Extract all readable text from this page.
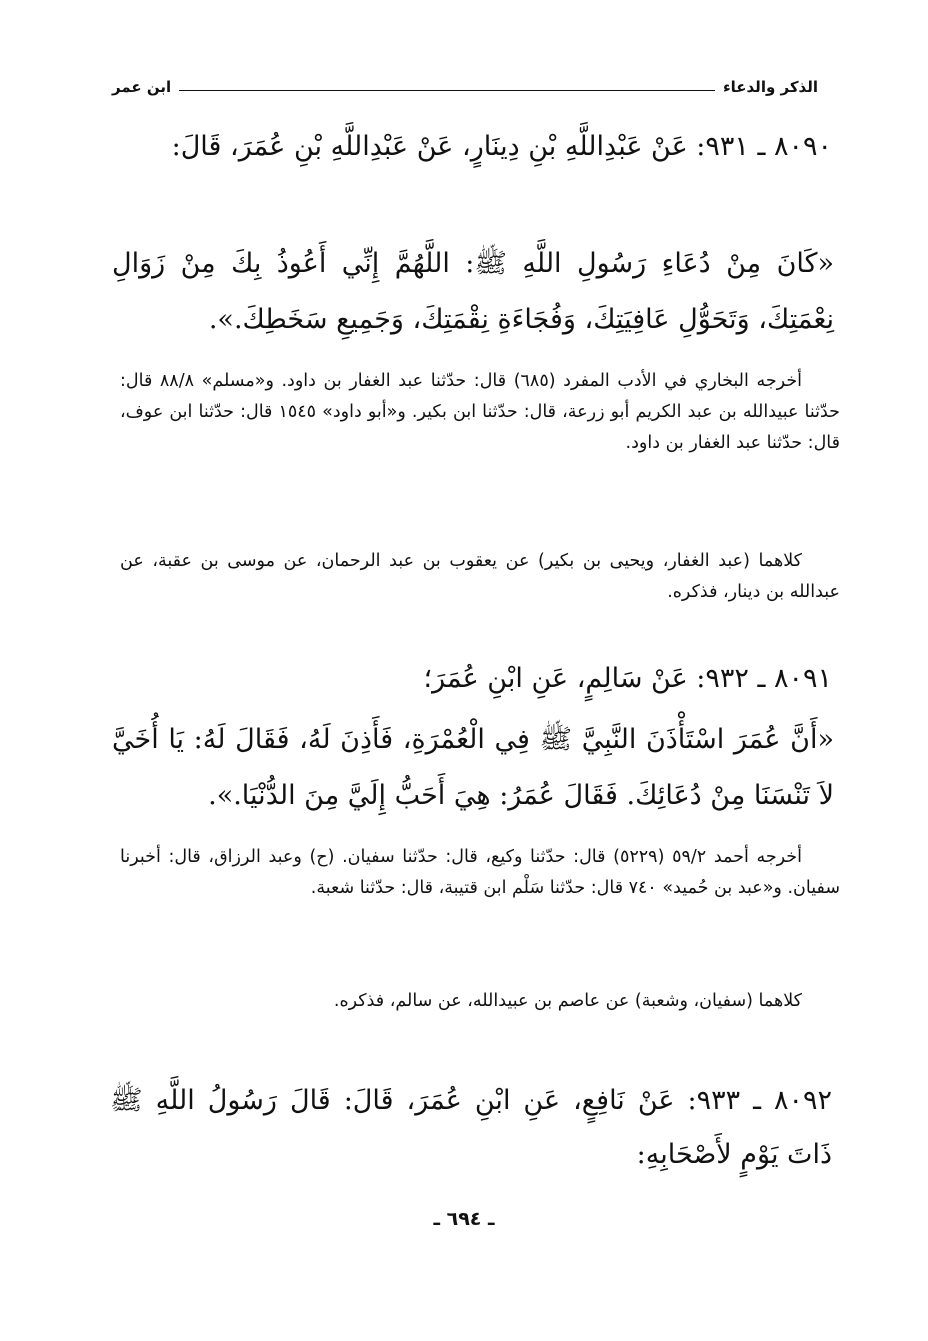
الذكر والدعاء
ابن عمر
٨٠٩٠ ـ ٩٣١: عَنْ عَبْدِاللَّهِ بْنِ دِينَارٍ، عَنْ عَبْدِاللَّهِ بْنِ عُمَرَ، قَالَ:
«كَانَ مِنْ دُعَاءِ رَسُولِ اللَّهِ ﷺ: اللَّهُمَّ إِنِّي أَعُوذُ بِكَ مِنْ زَوَالِ نِعْمَتِكَ، وَتَحَوُّلِ عَافِيَتِكَ، وَفُجَاءَةِ نِقْمَتِكَ، وَجَمِيعِ سَخَطِكَ.».
أخرجه البخاري في الأدب المفرد (٦٨٥) قال: حدّثنا عبد الغفار بن داود. و«مسلم» ٨٨/٨ قال: حدّثنا عبيدالله بن عبد الكريم أبو زرعة، قال: حدّثنا ابن بكير. و«أبو داود» ١٥٤٥ قال: حدّثنا ابن عوف، قال: حدّثنا عبد الغفار بن داود.
كلاهما (عبد الغفار، ويحيى بن بكير) عن يعقوب بن عبد الرحمان، عن موسى بن عقبة، عن عبدالله بن دينار، فذكره.
٨٠٩١ ـ ٩٣٢: عَنْ سَالِمٍ، عَنِ ابْنِ عُمَرَ؛
«أَنَّ عُمَرَ اسْتَأْذَنَ النَّبِيَّ ﷺ فِي الْعُمْرَةِ، فَأَذِنَ لَهُ، فَقَالَ لَهُ: يَا أُخَيَّ لاَ تَنْسَنَا مِنْ دُعَائِكَ. فَقَالَ عُمَرُ: هِيَ أَحَبُّ إِلَيَّ مِنَ الدُّنْيَا.».
أخرجه أحمد ٥٩/٢ (٥٢٢٩) قال: حدّثنا وكيع، قال: حدّثنا سفيان. (ح) وعبد الرزاق، قال: أخبرنا سفيان. و«عبد بن حُميد» ٧٤٠ قال: حدّثنا سَلْم ابن قتيبة، قال: حدّثنا شعبة.
كلاهما (سفيان، وشعبة) عن عاصم بن عبيدالله، عن سالم، فذكره.
٨٠٩٢ ـ ٩٣٣: عَنْ نَافِعٍ، عَنِ ابْنِ عُمَرَ، قَالَ: قَالَ رَسُولُ اللَّهِ ﷺ ذَاتَ يَوْمٍ لأَصْحَابِهِ:
ـ ٦٩٤ ـ
